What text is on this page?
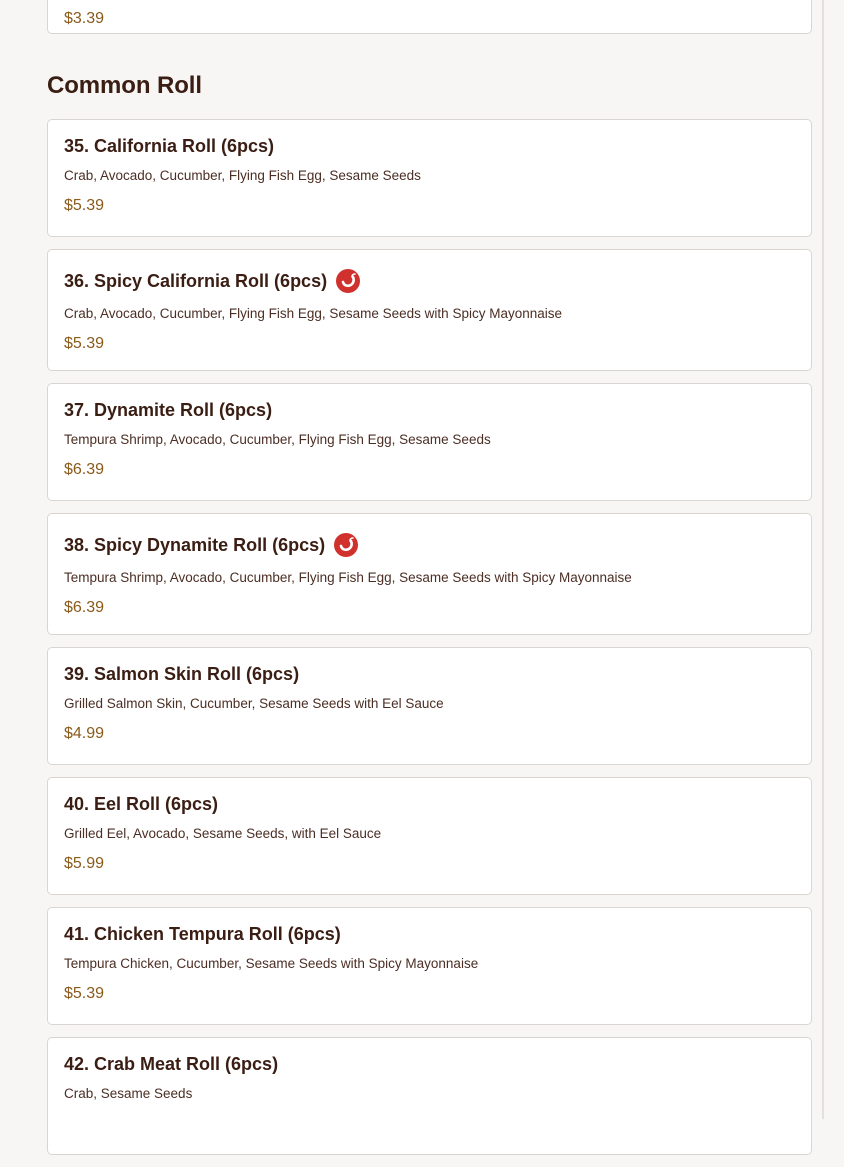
$3.39
Common Roll
35. California Roll (6pcs)
Crab, Avocado, Cucumber, Flying Fish Egg, Sesame Seeds
$5.39
36. Spicy California Roll (6pcs)
Crab, Avocado, Cucumber, Flying Fish Egg, Sesame Seeds with Spicy Mayonnaise
$5.39
37. Dynamite Roll (6pcs)
Tempura Shrimp, Avocado, Cucumber, Flying Fish Egg, Sesame Seeds
$6.39
38. Spicy Dynamite Roll (6pcs)
Tempura Shrimp, Avocado, Cucumber, Flying Fish Egg, Sesame Seeds with Spicy Mayonnaise
$6.39
39. Salmon Skin Roll (6pcs)
Grilled Salmon Skin, Cucumber, Sesame Seeds with Eel Sauce
$4.99
40. Eel Roll (6pcs)
Grilled Eel, Avocado, Sesame Seeds, with Eel Sauce
$5.99
41. Chicken Tempura Roll (6pcs)
Tempura Chicken, Cucumber, Sesame Seeds with Spicy Mayonnaise
$5.39
42. Crab Meat Roll (6pcs)
Crab, Sesame Seeds
